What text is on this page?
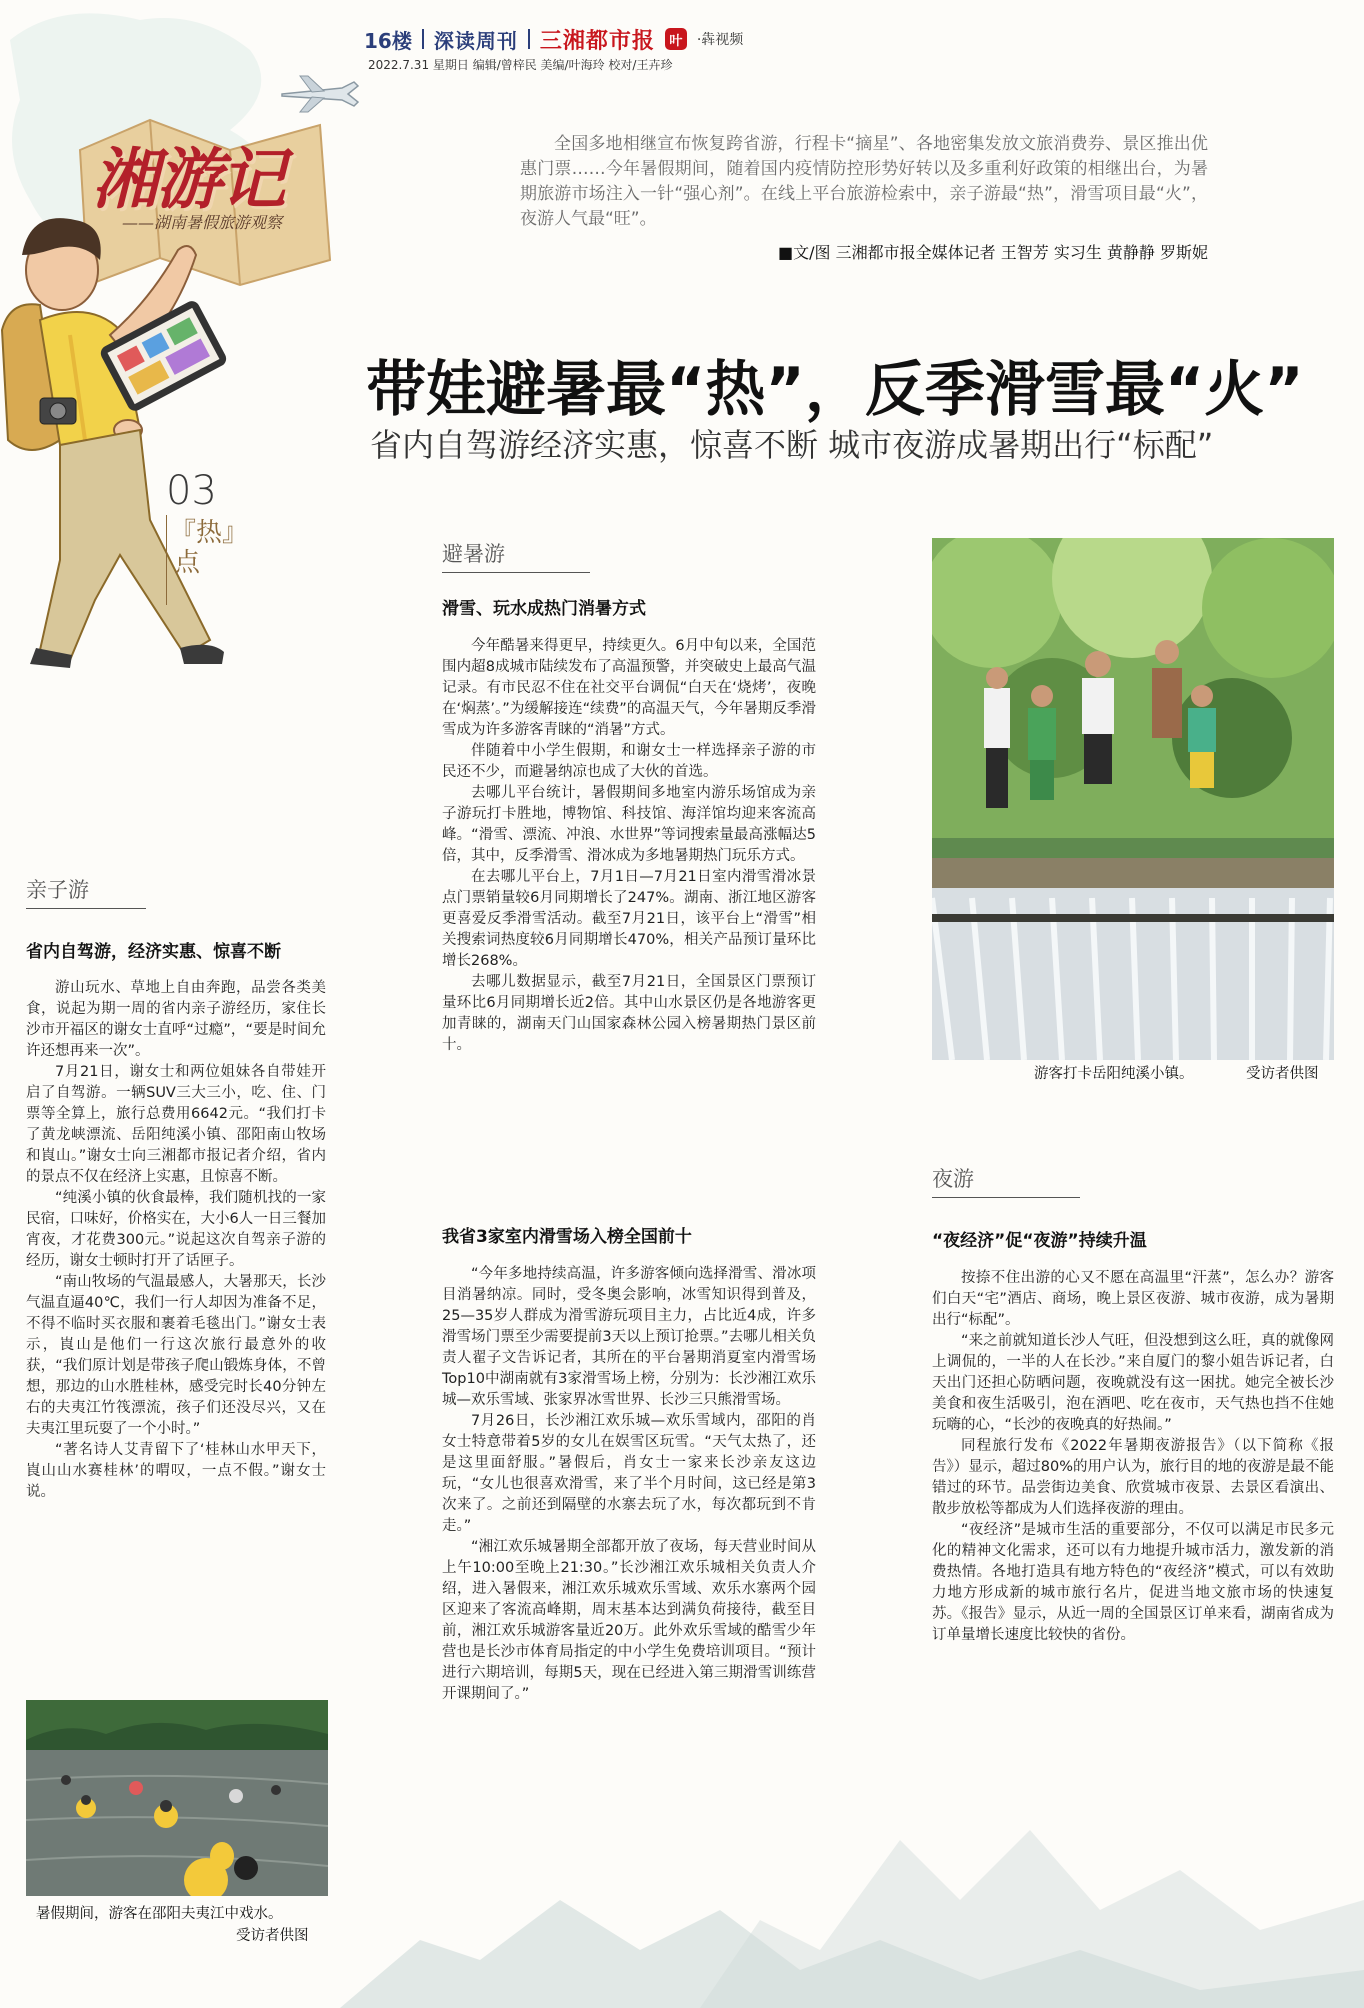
16楼 深读周刊 三湘都市报	叶	·犇视频
2022.7.31 星期日 编辑/曾梓民 美编/叶海玲 校对/王卉珍
湘游记
——湖南暑假旅游观察
03
『热』点
全国多地相继宣布恢复跨省游，行程卡“摘星”、各地密集发放文旅消费券、景区推出优惠门票……今年暑假期间，随着国内疫情防控形势好转以及多重利好政策的相继出台，为暑期旅游市场注入一针“强心剂”。在线上平台旅游检索中，亲子游最“热”，滑雪项目最“火”，夜游人气最“旺”。
■文/图 三湘都市报全媒体记者 王智芳 实习生 黄静静 罗斯妮
带娃避暑最“热”，反季滑雪最“火”
省内自驾游经济实惠，惊喜不断 城市夜游成暑期出行“标配”
亲子游
省内自驾游，经济实惠、惊喜不断

游山玩水、草地上自由奔跑，品尝各类美食，说起为期一周的省内亲子游经历，家住长沙市开福区的谢女士直呼“过瘾”，“要是时间允许还想再来一次”。

7月21日，谢女士和两位姐妹各自带娃开启了自驾游。一辆SUV三大三小，吃、住、门票等全算上，旅行总费用6642元。“我们打卡了黄龙峡漂流、岳阳纯溪小镇、邵阳南山牧场和崀山。”谢女士向三湘都市报记者介绍，省内的景点不仅在经济上实惠，且惊喜不断。

“纯溪小镇的伙食最棒，我们随机找的一家民宿，口味好，价格实在，大小6人一日三餐加宵夜，才花费300元。”说起这次自驾亲子游的经历，谢女士顿时打开了话匣子。

“南山牧场的气温最感人，大暑那天，长沙气温直逼40℃，我们一行人却因为准备不足，不得不临时买衣服和裹着毛毯出门。”谢女士表示，崀山是他们一行这次旅行最意外的收获，“我们原计划是带孩子爬山锻炼身体，不曾想，那边的山水胜桂林，感受完时长40分钟左右的夫夷江竹筏漂流，孩子们还没尽兴，又在夫夷江里玩耍了一个小时。”

“著名诗人艾青留下了‘桂林山水甲天下，崀山山水赛桂林’的喟叹，一点不假。”谢女士说。

暑假期间，游客在邵阳夫夷江中戏水。
受访者供图
避暑游
滑雪、玩水成热门消暑方式

今年酷暑来得更早，持续更久。6月中旬以来，全国范围内超8成城市陆续发布了高温预警，并突破史上最高气温记录。有市民忍不住在社交平台调侃“白天在‘烧烤’，夜晚在‘焖蒸’。”为缓解接连“续费”的高温天气，今年暑期反季滑雪成为许多游客青睐的“消暑”方式。

伴随着中小学生假期，和谢女士一样选择亲子游的市民还不少，而避暑纳凉也成了大伙的首选。

去哪儿平台统计，暑假期间多地室内游乐场馆成为亲子游玩打卡胜地，博物馆、科技馆、海洋馆均迎来客流高峰。“滑雪、漂流、冲浪、水世界”等词搜索量最高涨幅达5倍，其中，反季滑雪、滑冰成为多地暑期热门玩乐方式。

在去哪儿平台上，7月1日—7月21日室内滑雪滑冰景点门票销量较6月同期增长了247%。湖南、浙江地区游客更喜爱反季滑雪活动。截至7月21日，该平台上“滑雪”相关搜索词热度较6月同期增长470%，相关产品预订量环比增长268%。

去哪儿数据显示，截至7月21日，全国景区门票预订量环比6月同期增长近2倍。其中山水景区仍是各地游客更加青睐的，湖南天门山国家森林公园入榜暑期热门景区前十。

我省3家室内滑雪场入榜全国前十

“今年多地持续高温，许多游客倾向选择滑雪、滑冰项目消暑纳凉。同时，受冬奥会影响，冰雪知识得到普及，25—35岁人群成为滑雪游玩项目主力，占比近4成，许多滑雪场门票至少需要提前3天以上预订抢票。”去哪儿相关负责人翟子文告诉记者，其所在的平台暑期消夏室内滑雪场Top10中湖南就有3家滑雪场上榜，分别为：长沙湘江欢乐城—欢乐雪域、张家界冰雪世界、长沙三只熊滑雪场。

7月26日，长沙湘江欢乐城—欢乐雪域内，邵阳的肖女士特意带着5岁的女儿在娱雪区玩雪。“天气太热了，还是这里面舒服。”暑假后，肖女士一家来长沙亲友这边玩，“女儿也很喜欢滑雪，来了半个月时间，这已经是第3次来了。之前还到隔壁的水寨去玩了水，每次都玩到不肯走。”

“湘江欢乐城暑期全部都开放了夜场，每天营业时间从上午10:00至晚上21:30。”长沙湘江欢乐城相关负责人介绍，进入暑假来，湘江欢乐城欢乐雪域、欢乐水寨两个园区迎来了客流高峰期，周末基本达到满负荷接待，截至目前，湘江欢乐城游客量近20万。此外欢乐雪域的酷雪少年营也是长沙市体育局指定的中小学生免费培训项目。“预计进行六期培训，每期5天，现在已经进入第三期滑雪训练营开课期间了。”

游客打卡岳阳纯溪小镇。	受访者供图
夜游
“夜经济”促“夜游”持续升温

按捺不住出游的心又不愿在高温里“汗蒸”，怎么办？游客们白天“宅”酒店、商场，晚上景区夜游、城市夜游，成为暑期出行“标配”。

“来之前就知道长沙人气旺，但没想到这么旺，真的就像网上调侃的，一半的人在长沙。”来自厦门的黎小姐告诉记者，白天出门还担心防晒问题，夜晚就没有这一困扰。她完全被长沙美食和夜生活吸引，泡在酒吧、吃在夜市，天气热也挡不住她玩嗨的心，“长沙的夜晚真的好热闹。”

同程旅行发布《2022年暑期夜游报告》（以下简称《报告》）显示，超过80%的用户认为，旅行目的地的夜游是最不能错过的环节。品尝街边美食、欣赏城市夜景、去景区看演出、散步放松等都成为人们选择夜游的理由。

“夜经济”是城市生活的重要部分，不仅可以满足市民多元化的精神文化需求，还可以有力地提升城市活力，激发新的消费热情。各地打造具有地方特色的“夜经济”模式，可以有效助力地方形成新的城市旅行名片，促进当地文旅市场的快速复苏。《报告》显示，从近一周的全国景区订单来看，湖南省成为订单量增长速度比较快的省份。
